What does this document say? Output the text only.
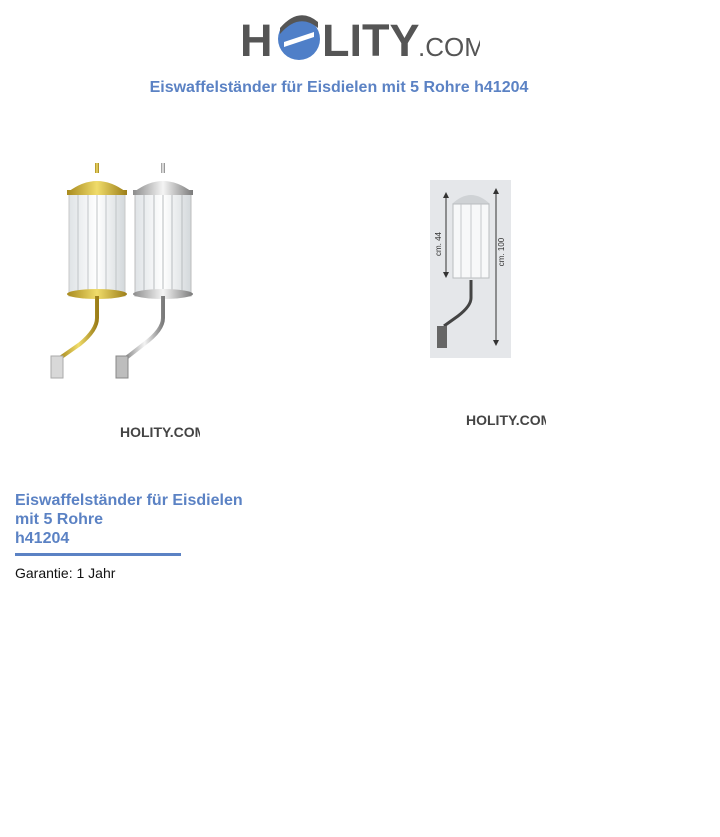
H LITY
.COM
Eiswaffelständer für Eisdielen mit 5 Rohre h41204
HOLITY.COM
cm. 44	cm. 100
HOLITY.COM
Eiswaffelständer für Eisdielen
mit 5 Rohre
h41204
Garantie: 1 Jahr
